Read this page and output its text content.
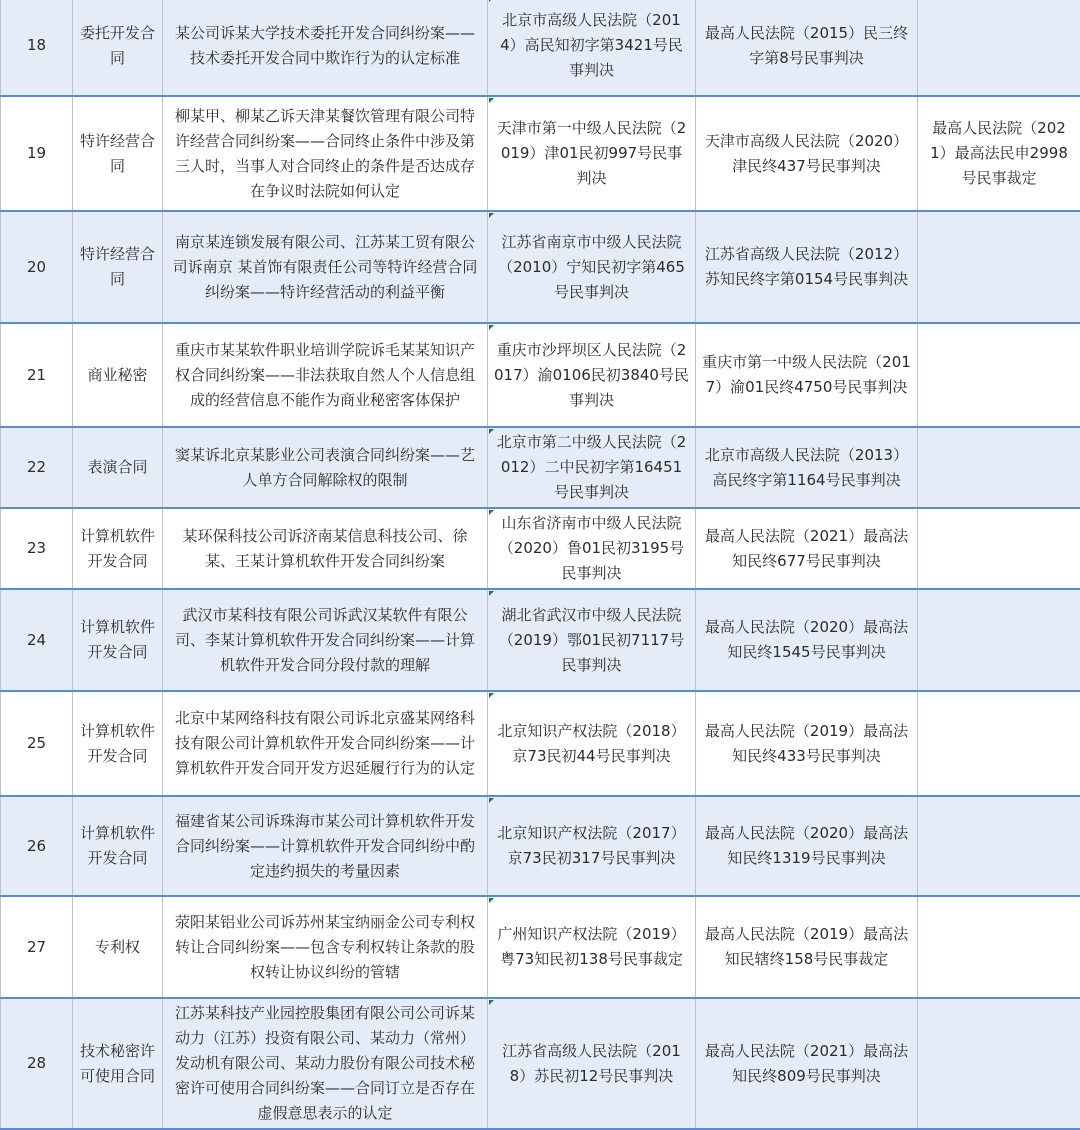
18	委托开发合同	某公司诉某大学技术委托开发合同纠纷案——技术委托开发合同中欺诈行为的认定标准	北京市高级人民法院（2014）高民知初字第3421号民事判决	最高人民法院（2015）民三终字第8号民事判决	
19	特许经营合同	柳某甲、柳某乙诉天津某餐饮管理有限公司特许经营合同纠纷案——合同终止条件中涉及第三人时，当事人对合同终止的条件是否达成存在争议时法院如何认定	天津市第一中级人民法院（2019）津01民初997号民事判决	天津市高级人民法院（2020）津民终437号民事判决	最高人民法院（2021）最高法民申2998号民事裁定
20	特许经营合同	南京某连锁发展有限公司、江苏某工贸有限公司诉南京 某首饰有限责任公司等特许经营合同纠纷案——特许经营活动的利益平衡	江苏省南京市中级人民法院（2010）宁知民初字第465号民事判决	江苏省高级人民法院（2012）苏知民终字第0154号民事判决	
21	商业秘密	重庆市某某软件职业培训学院诉毛某某知识产权合同纠纷案——非法获取自然人个人信息组成的经营信息不能作为商业秘密客体保护	重庆市沙坪坝区人民法院（2017）渝0106民初3840号民事判决	重庆市第一中级人民法院（2017）渝01民终4750号民事判决	
22	表演合同	窦某诉北京某影业公司表演合同纠纷案——艺人单方合同解除权的限制	北京市第二中级人民法院（2012）二中民初字第16451号民事判决	北京市高级人民法院（2013）高民终字第1164号民事判决	
23	计算机软件开发合同	某环保科技公司诉济南某信息科技公司、徐某、王某计算机软件开发合同纠纷案	山东省济南市中级人民法院（2020）鲁01民初3195号民事判决	最高人民法院（2021）最高法知民终677号民事判决	
24	计算机软件开发合同	武汉市某科技有限公司诉武汉某软件有限公司、李某计算机软件开发合同纠纷案——计算机软件开发合同分段付款的理解	湖北省武汉市中级人民法院（2019）鄂01民初7117号民事判决	最高人民法院（2020）最高法知民终1545号民事判决	
25	计算机软件开发合同	北京中某网络科技有限公司诉北京盛某网络科技有限公司计算机软件开发合同纠纷案——计算机软件开发合同开发方迟延履行行为的认定	北京知识产权法院（2018）京73民初44号民事判决	最高人民法院（2019）最高法知民终433号民事判决	
26	计算机软件开发合同	福建省某公司诉珠海市某公司计算机软件开发合同纠纷案——计算机软件开发合同纠纷中酌定违约损失的考量因素	北京知识产权法院（2017）京73民初317号民事判决	最高人民法院（2020）最高法知民终1319号民事判决	
27	专利权	荥阳某铝业公司诉苏州某宝纳丽金公司专利权转让合同纠纷案——包含专利权转让条款的股权转让协议纠纷的管辖	广州知识产权法院（2019）粤73知民初138号民事裁定	最高人民法院（2019）最高法知民辖终158号民事裁定	
28	技术秘密许可使用合同	江苏某科技产业园控股集团有限公司公司诉某动力（江苏）投资有限公司、某动力（常州）发动机有限公司、某动力股份有限公司技术秘密许可使用合同纠纷案——合同订立是否存在虚假意思表示的认定	江苏省高级人民法院（2018）苏民初12号民事判决	最高人民法院（2021）最高法知民终809号民事判决	
